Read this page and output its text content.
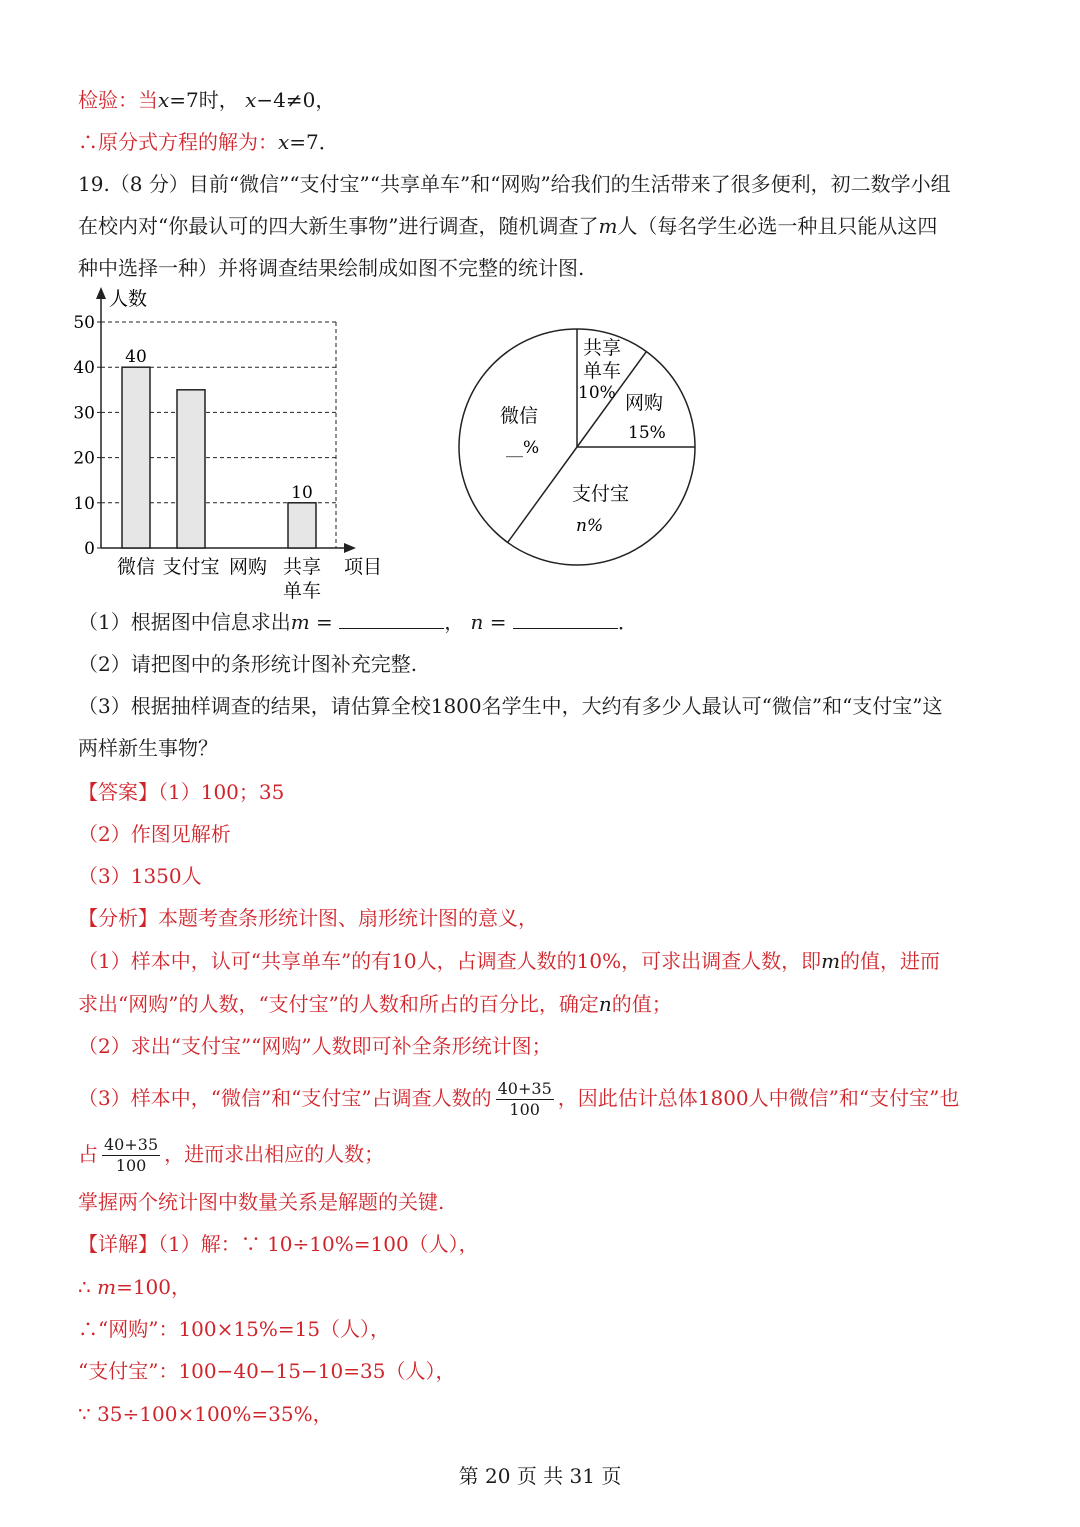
检验：当x=7时， x−4≠0，
∴原分式方程的解为：x=7．
19.（8 分）目前“微信”“支付宝”“共享单车”和“网购”给我们的生活带来了很多便利，初二数学小组
在校内对“你最认可的四大新生事物”进行调查，随机调查了m人（每名学生必选一种且只能从这四
种中选择一种）并将调查结果绘制成如图不完整的统计图.
0
10
20
30
40
50
人数
项目
40
10
微信 支付宝 网购 共享
单车
共享
单车
10% 网购
15%
支付宝
n%
微信
__%
（1）根据图中信息求出m =	， n =	．
（2）请把图中的条形统计图补充完整.
（3）根据抽样调查的结果，请估算全校1800名学生中，大约有多少人最认可“微信”和“支付宝”这
两样新生事物？
【答案】（1）100；35
（2）作图见解析
（3）1350人
【分析】本题考查条形统计图、扇形统计图的意义，
（1）样本中，认可“共享单车”的有10人，占调查人数的10%，可求出调查人数，即m的值，进而
求出“网购”的人数，“支付宝”的人数和所占的百分比，确定n的值；
（2）求出“支付宝”“网购”人数即可补全条形统计图；
（3）样本中，“微信”和“支付宝”占调查人数的 $\frac{40+35}{100}$ ，因此估计总体1800人中微信”和“支付宝”也
占 $\frac{40+35}{100}$ ，进而求出相应的人数；
掌握两个统计图中数量关系是解题的关键.
【详解】（1）解：∵ 10÷10%=100（人），
∴ m=100，
∴“网购”：100×15%=15（人），
“支付宝”：100−40−15−10=35（人），
∵ 35÷100×100%=35%，
第 20 页 共 31 页
